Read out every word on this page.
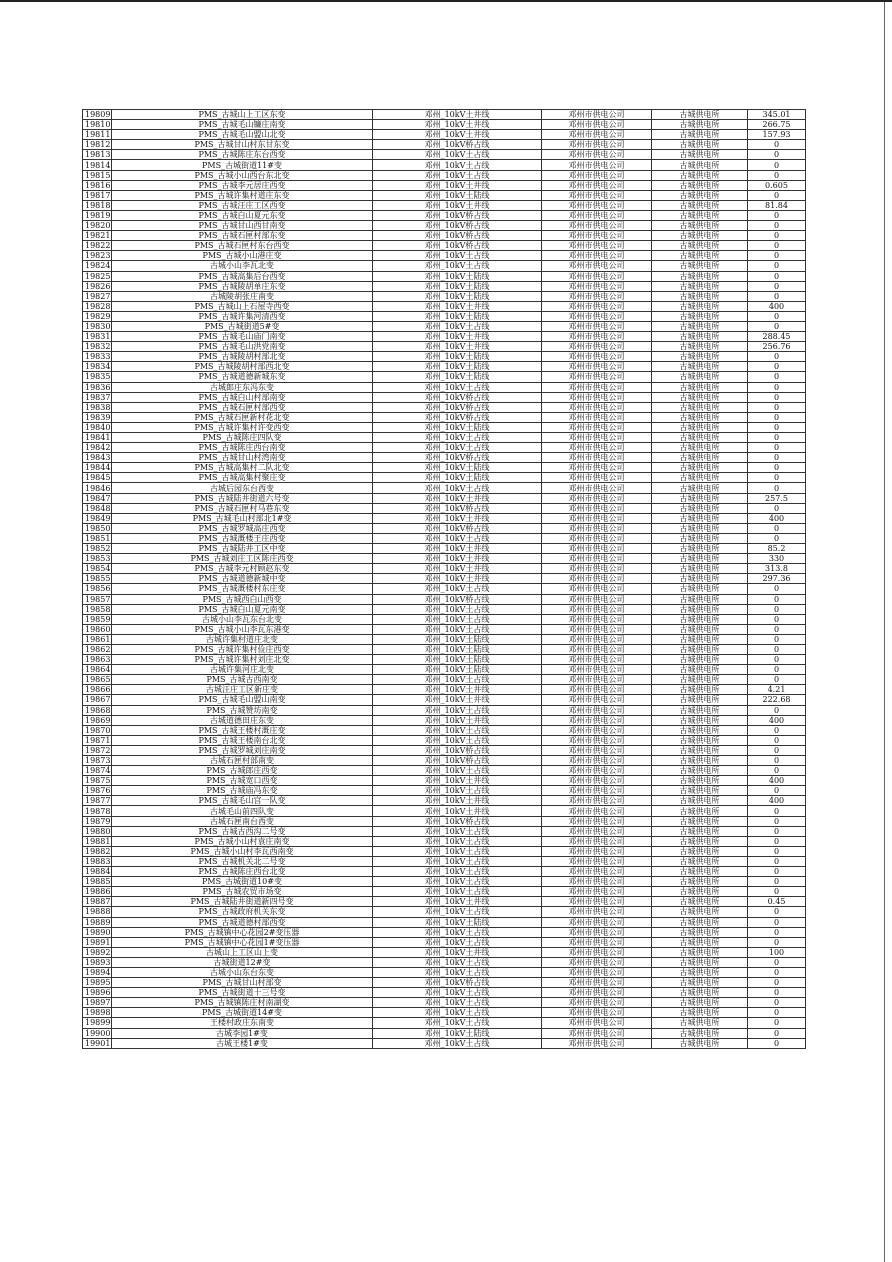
19809	PMS_古城山上工区东变	邓州_10kV土井线	邓州市供电公司	古城供电所	345.01
19810	PMS_古城毛山镰庄南变	邓州_10kV土井线	邓州市供电公司	古城供电所	266.75
19811	PMS_古城毛山盟山北变	邓州_10kV土井线	邓州市供电公司	古城供电所	157.93
19812	PMS_古城甘山村东甘东变	邓州_10kV桥占线	邓州市供电公司	古城供电所	0
19813	PMS_古城陈庄东台西变	邓州_10kV土占线	邓州市供电公司	古城供电所	0
19814	PMS_古城街道11#变	邓州_10kV土占线	邓州市供电公司	古城供电所	0
19815	PMS_古城小山西台东北变	邓州_10kV土占线	邓州市供电公司	古城供电所	0
19816	PMS_古城李元居庄西变	邓州_10kV土井线	邓州市供电公司	古城供电所	0.605
19817	PMS_古城许集村道庄东变	邓州_10kV土陆线	邓州市供电公司	古城供电所	0
19818	PMS_古城汪庄工区西变	邓州_10kV土井线	邓州市供电公司	古城供电所	81.84
19819	PMS_古城白山夏元东变	邓州_10kV桥占线	邓州市供电公司	古城供电所	0
19820	PMS_古城甘山西甘南变	邓州_10kV桥占线	邓州市供电公司	古城供电所	0
19821	PMS_古城石匣村部东变	邓州_10kV桥占线	邓州市供电公司	古城供电所	0
19822	PMS_古城石匣村东台西变	邓州_10kV桥占线	邓州市供电公司	古城供电所	0
19823	PMS_古城小山港庄变	邓州_10kV土占线	邓州市供电公司	古城供电所	0
19824	古城小山李瓦北变	邓州_10kV土占线	邓州市供电公司	古城供电所	0
19825	PMS_古城高集后台西变	邓州_10kV土陆线	邓州市供电公司	古城供电所	0
19826	PMS_古城陵胡单庄东变	邓州_10kV土陆线	邓州市供电公司	古城供电所	0
19827	古城陵胡张庄南变	邓州_10kV土陆线	邓州市供电公司	古城供电所	0
19828	PMS_古城山上石屋寺西变	邓州_10kV土井线	邓州市供电公司	古城供电所	400
19829	PMS_古城许集河清西变	邓州_10kV土陆线	邓州市供电公司	古城供电所	0
19830	PMS_古城街道5#变	邓州_10kV土占线	邓州市供电公司	古城供电所	0
19831	PMS_古城毛山庙门南变	邓州_10kV土井线	邓州市供电公司	古城供电所	288.45
19832	PMS_古城毛山洪党南变	邓州_10kV土井线	邓州市供电公司	古城供电所	256.76
19833	PMS_古城陵胡村部北变	邓州_10kV土陆线	邓州市供电公司	古城供电所	0
19834	PMS_古城陵胡村部西北变	邓州_10kV土陆线	邓州市供电公司	古城供电所	0
19835	PMS_古城道德新城东变	邓州_10kV土陆线	邓州市供电公司	古城供电所	0
19836	古城郎庄东冯东变	邓州_10kV土占线	邓州市供电公司	古城供电所	0
19837	PMS_古城白山村部南变	邓州_10kV桥占线	邓州市供电公司	古城供电所	0
19838	PMS_古城石匣村部西变	邓州_10kV桥占线	邓州市供电公司	古城供电所	0
19839	PMS_古城石匣新村花北变	邓州_10kV桥占线	邓州市供电公司	古城供电所	0
19840	PMS_古城许集村许变西变	邓州_10kV土陆线	邓州市供电公司	古城供电所	0
19841	PMS_古城陈庄四队变	邓州_10kV土占线	邓州市供电公司	古城供电所	0
19842	PMS_古城陈庄西台南变	邓州_10kV土占线	邓州市供电公司	古城供电所	0
19843	PMS_古城甘山村湾南变	邓州_10kV桥占线	邓州市供电公司	古城供电所	0
19844	PMS_古城高集村二队北变	邓州_10kV土陆线	邓州市供电公司	古城供电所	0
19845	PMS_古城高集村聚庄变	邓州_10kV土陆线	邓州市供电公司	古城供电所	0
19846	古城后园东台西变	邓州_10kV土占线	邓州市供电公司	古城供电所	0
19847	PMS_古城陆井街道六号变	邓州_10kV土井线	邓州市供电公司	古城供电所	257.5
19848	PMS_古城石匣村马巷东变	邓州_10kV桥占线	邓州市供电公司	古城供电所	0
19849	PMS_古城毛山村部北1#变	邓州_10kV土井线	邓州市供电公司	古城供电所	400
19850	PMS_古城罗城高庄西变	邓州_10kV桥占线	邓州市供电公司	古城供电所	0
19851	PMS_古城溉楼王庄西变	邓州_10kV土占线	邓州市供电公司	古城供电所	0
19852	PMS_古城陆井工区中变	邓州_10kV土井线	邓州市供电公司	古城供电所	85.2
19853	PMS_古城刘庄工区陈庄西变	邓州_10kV土井线	邓州市供电公司	古城供电所	330
19854	PMS_古城李元村顾赵东变	邓州_10kV土井线	邓州市供电公司	古城供电所	313.8
19855	PMS_古城道德新城中变	邓州_10kV土井线	邓州市供电公司	古城供电所	297.36
19856	PMS_古城溉楼村东庄变	邓州_10kV土占线	邓州市供电公司	古城供电所	0
19857	PMS_古城西白山西变	邓州_10kV桥占线	邓州市供电公司	古城供电所	0
19858	PMS_古城白山夏元南变	邓州_10kV土占线	邓州市供电公司	古城供电所	0
19859	古城小山李瓦东台北变	邓州_10kV土占线	邓州市供电公司	古城供电所	0
19860	PMS_古城小山李瓦东港变	邓州_10kV土占线	邓州市供电公司	古城供电所	0
19861	古城许集村道庄北变	邓州_10kV土陆线	邓州市供电公司	古城供电所	0
19862	PMS_古城许集村俭庄西变	邓州_10kV土陆线	邓州市供电公司	古城供电所	0
19863	PMS_古城许集村刘庄北变	邓州_10kV土陆线	邓州市供电公司	古城供电所	0
19864	古城许集河庄北变	邓州_10kV土陆线	邓州市供电公司	古城供电所	0
19865	PMS_古城古西南变	邓州_10kV土占线	邓州市供电公司	古城供电所	0
19866	古城汪庄工区新庄变	邓州_10kV土井线	邓州市供电公司	古城供电所	4.21
19867	PMS_古城毛山盟山南变	邓州_10kV土井线	邓州市供电公司	古城供电所	222.68
19868	PMS_古城赞坊南变	邓州_10kV土占线	邓州市供电公司	古城供电所	0
19869	古城道德田庄东变	邓州_10kV土井线	邓州市供电公司	古城供电所	400
19870	PMS_古城王楼村溉庄变	邓州_10kV土占线	邓州市供电公司	古城供电所	0
19871	PMS_古城王楼南台北变	邓州_10kV土占线	邓州市供电公司	古城供电所	0
19872	PMS_古城罗城刘庄南变	邓州_10kV桥占线	邓州市供电公司	古城供电所	0
19873	古城石匣村部南变	邓州_10kV桥占线	邓州市供电公司	古城供电所	0
19874	PMS_古城郎庄西变	邓州_10kV土占线	邓州市供电公司	古城供电所	0
19875	PMS_古城宽口西变	邓州_10kV土井线	邓州市供电公司	古城供电所	400
19876	PMS_古城庙冯东变	邓州_10kV土占线	邓州市供电公司	古城供电所	0
19877	PMS_古城毛山宫一队变	邓州_10kV土井线	邓州市供电公司	古城供电所	400
19878	古城毛山前四队变	邓州_10kV土井线	邓州市供电公司	古城供电所	0
19879	古城石匣南台西变	邓州_10kV桥占线	邓州市供电公司	古城供电所	0
19880	PMS_古城古西沟二号变	邓州_10kV土占线	邓州市供电公司	古城供电所	0
19881	PMS_古城小山村袁庄南变	邓州_10kV土占线	邓州市供电公司	古城供电所	0
19882	PMS_古城小山村李瓦西南变	邓州_10kV土占线	邓州市供电公司	古城供电所	0
19883	PMS_古城机关北二号变	邓州_10kV土占线	邓州市供电公司	古城供电所	0
19884	PMS_古城陈庄西台北变	邓州_10kV土占线	邓州市供电公司	古城供电所	0
19885	PMS_古城街道10#变	邓州_10kV土占线	邓州市供电公司	古城供电所	0
19886	PMS_古城农贸市场变	邓州_10kV土占线	邓州市供电公司	古城供电所	0
19887	PMS_古城陆井街道新四号变	邓州_10kV土井线	邓州市供电公司	古城供电所	0.45
19888	PMS_古城政府机关东变	邓州_10kV土占线	邓州市供电公司	古城供电所	0
19889	PMS_古城道德村部西变	邓州_10kV土陆线	邓州市供电公司	古城供电所	0
19890	PMS_古城镇中心花园2#变压器	邓州_10kV土占线	邓州市供电公司	古城供电所	0
19891	PMS_古城镇中心花园1#变压器	邓州_10kV土占线	邓州市供电公司	古城供电所	0
19892	古城山上工区山上变	邓州_10kV土井线	邓州市供电公司	古城供电所	100
19893	古城街道12#变	邓州_10kV土占线	邓州市供电公司	古城供电所	0
19894	古城小山东台东变	邓州_10kV土占线	邓州市供电公司	古城供电所	0
19895	PMS_古城甘山村部变	邓州_10kV桥占线	邓州市供电公司	古城供电所	0
19896	PMS_古城街道十三号变	邓州_10kV土占线	邓州市供电公司	古城供电所	0
19897	PMS_古城镇陈庄村南湖变	邓州_10kV土占线	邓州市供电公司	古城供电所	0
19898	PMS_古城街道14#变	邓州_10kV土占线	邓州市供电公司	古城供电所	0
19899	王楼村政庄东南变	邓州_10kV土占线	邓州市供电公司	古城供电所	0
19900	古城李园1#变	邓州_10kV土陆线	邓州市供电公司	古城供电所	0
19901	古城王楼1#变	邓州_10kV土占线	邓州市供电公司	古城供电所	0
